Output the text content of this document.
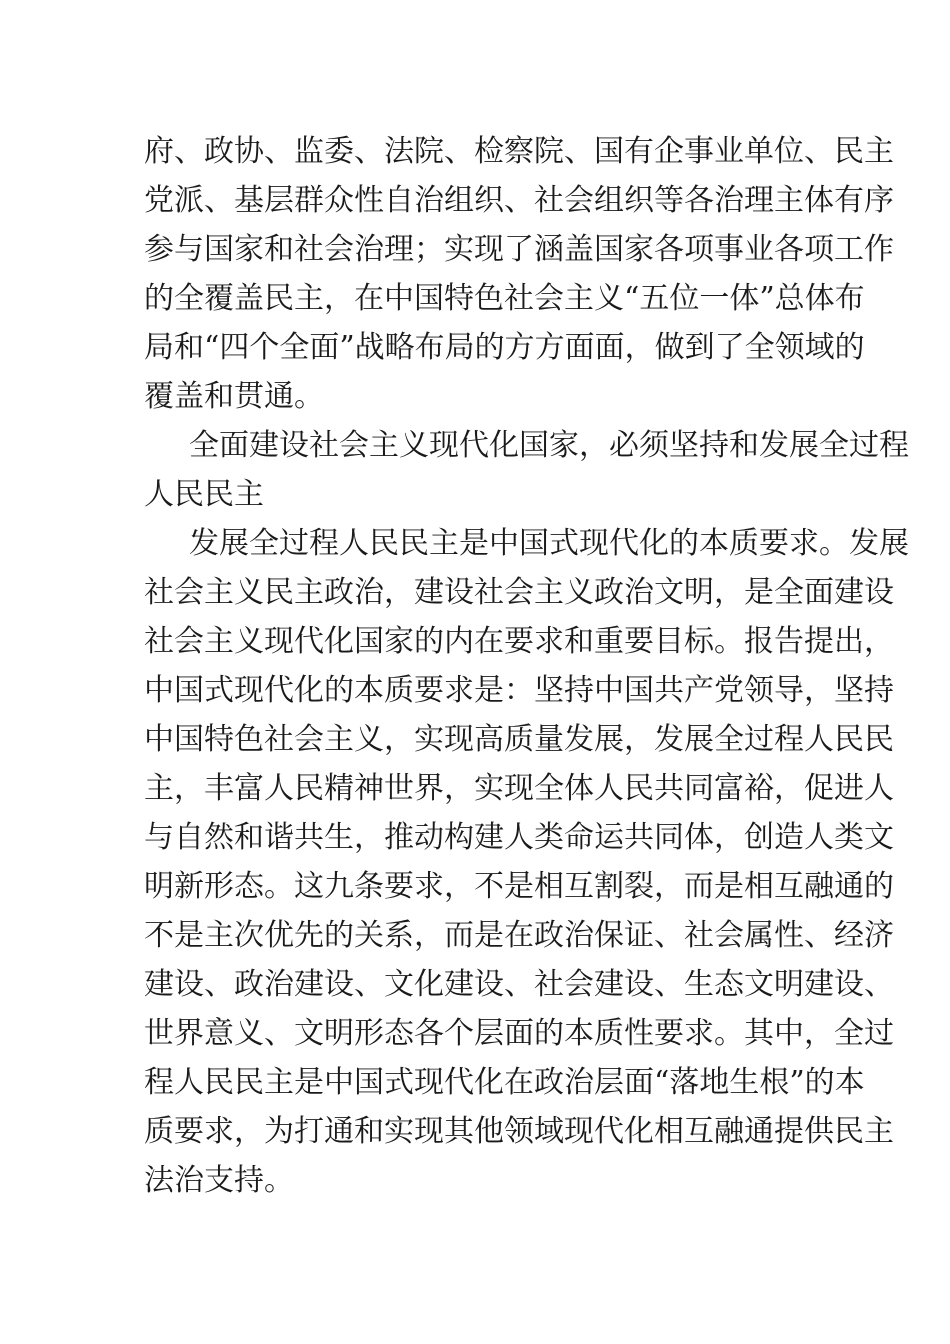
府、政协、监委、法院、检察院、国有企事业单位、民主
党派、基层群众性自治组织、社会组织等各治理主体有序
参与国家和社会治理；实现了涵盖国家各项事业各项工作
的全覆盖民主，在中国特色社会主义“五位一体”总体布
局和“四个全面”战略布局的方方面面，做到了全领域的
覆盖和贯通。
全面建设社会主义现代化国家，必须坚持和发展全过程
人民民主
发展全过程人民民主是中国式现代化的本质要求。发展
社会主义民主政治，建设社会主义政治文明，是全面建设
社会主义现代化国家的内在要求和重要目标。报告提出，
中国式现代化的本质要求是：坚持中国共产党领导，坚持
中国特色社会主义，实现高质量发展，发展全过程人民民
主，丰富人民精神世界，实现全体人民共同富裕，促进人
与自然和谐共生，推动构建人类命运共同体，创造人类文
明新形态。这九条要求，不是相互割裂，而是相互融通的
不是主次优先的关系，而是在政治保证、社会属性、经济
建设、政治建设、文化建设、社会建设、生态文明建设、
世界意义、文明形态各个层面的本质性要求。其中，全过
程人民民主是中国式现代化在政治层面“落地生根”的本
质要求，为打通和实现其他领域现代化相互融通提供民主
法治支持。
